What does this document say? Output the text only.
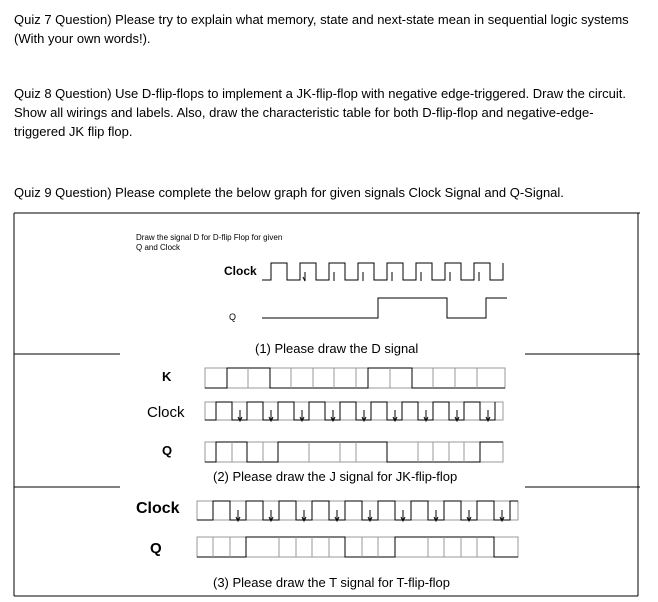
Quiz 7 Question) Please try to explain what memory, state and next-state mean in sequential logic systems (With your own words!).
Quiz 8 Question) Use D-flip-flops to implement a JK-flip-flop with negative edge-triggered. Draw the circuit. Show all wirings and labels. Also, draw the characteristic table for both D-flip-flop and negative-edge-triggered JK flip flop.
Quiz 9 Question) Please complete the below graph for given signals Clock Signal and Q-Signal.
Draw the signal D for D-flip Flop for given
Q and Clock
Clock
Q
(1) Please draw the D signal
K
Clock
Q
(2) Please draw the J signal for JK-flip-flop
Clock
Q
(3) Please draw the T signal for T-flip-flop
